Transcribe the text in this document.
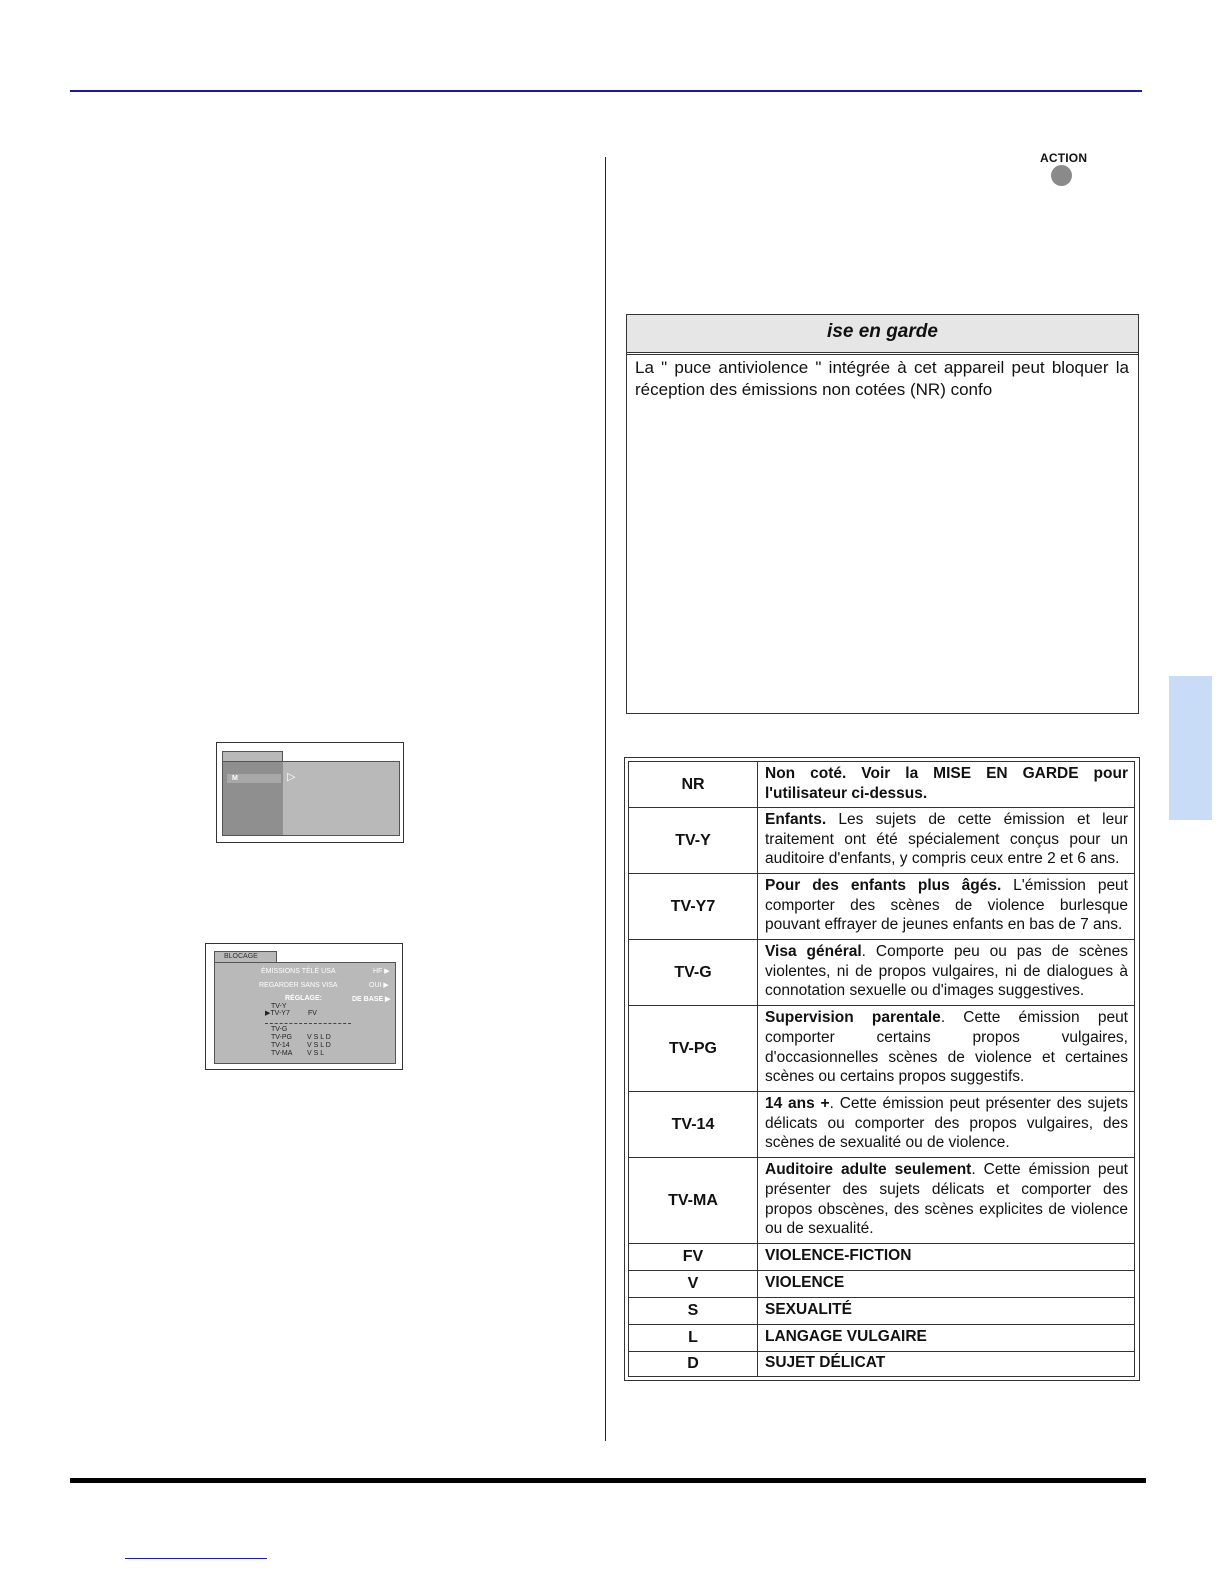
ACTION
ise en garde
La " puce antiviolence " intégrée à cet appareil peut bloquer la réception des émissions non cotées (NR) confo
M	▷
BLOCAGE
ÉMISSIONS TÉLÉ USA	HF ▶
REGARDER SANS VISA	OUI ▶
RÉGLAGE:	DE BASE ▶
TV-Y
▶TV-Y7	FV
TV-G
TV-PG V S L D
TV-14 V S L D
TV-MA V S L
NR	Non coté. Voir la MISE EN GARDE pour l'utilisateur ci-dessus.
TV-Y	Enfants. Les sujets de cette émission et leur traitement ont été spécialement conçus pour un auditoire d'enfants, y compris ceux entre 2 et 6 ans.
TV-Y7	Pour des enfants plus âgés. L'émission peut comporter des scènes de violence burlesque pouvant effrayer de jeunes enfants en bas de 7 ans.
TV-G	Visa général. Comporte peu ou pas de scènes violentes, ni de propos vulgaires, ni de dialogues à connotation sexuelle ou d'images suggestives.
TV-PG	Supervision parentale. Cette émission peut comporter certains propos vulgaires, d'occasionnelles scènes de violence et certaines scènes ou certains propos suggestifs.
TV-14	14 ans +. Cette émission peut présenter des sujets délicats ou comporter des propos vulgaires, des scènes de sexualité ou de violence.
TV-MA	Auditoire adulte seulement. Cette émission peut présenter des sujets délicats et comporter des propos obscènes, des scènes explicites de violence ou de sexualité.
FV	VIOLENCE-FICTION
V	VIOLENCE
S	SEXUALITÉ
L	LANGAGE VULGAIRE
D	SUJET DÉLICAT
